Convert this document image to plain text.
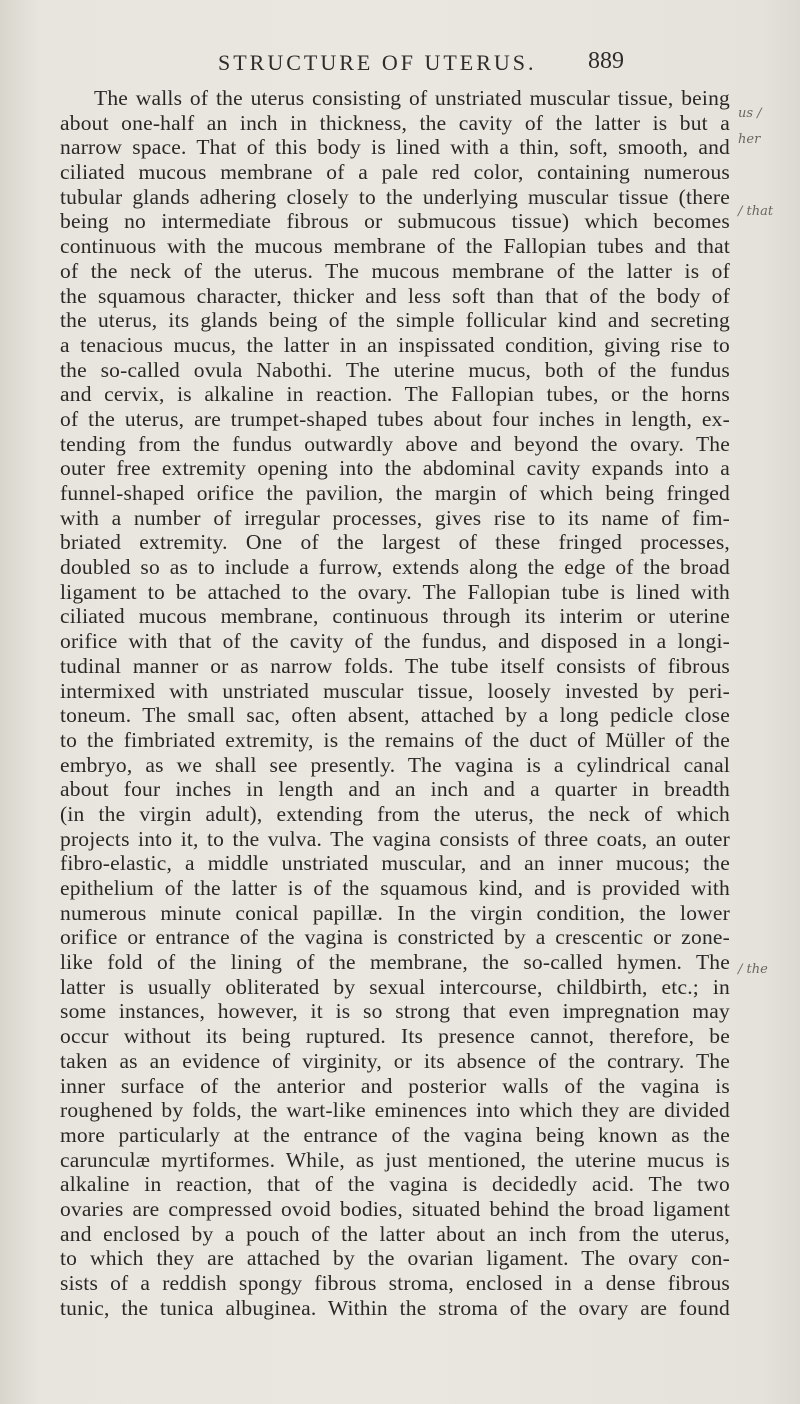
STRUCTURE OF UTERUS. 889
The walls of the uterus consisting of unstriated muscular tissue, being
about one-half an inch in thickness, the cavity of the latter is but a
narrow space. That of this body is lined with a thin, soft, smooth, and
ciliated mucous membrane of a pale red color, containing numerous
tubular glands adhering closely to the underlying muscular tissue (there
being no intermediate fibrous or submucous tissue) which becomes
continuous with the mucous membrane of the Fallopian tubes and that
of the neck of the uterus. The mucous membrane of the latter is of
the squamous character, thicker and less soft than that of the body of
the uterus, its glands being of the simple follicular kind and secreting
a tenacious mucus, the latter in an inspissated condition, giving rise to
the so-called ovula Nabothi. The uterine mucus, both of the fundus
and cervix, is alkaline in reaction. The Fallopian tubes, or the horns
of the uterus, are trumpet-shaped tubes about four inches in length, ex-
tending from the fundus outwardly above and beyond the ovary. The
outer free extremity opening into the abdominal cavity expands into a
funnel-shaped orifice the pavilion, the margin of which being fringed
with a number of irregular processes, gives rise to its name of fim-
briated extremity. One of the largest of these fringed processes,
doubled so as to include a furrow, extends along the edge of the broad
ligament to be attached to the ovary. The Fallopian tube is lined with
ciliated mucous membrane, continuous through its interim or uterine
orifice with that of the cavity of the fundus, and disposed in a longi-
tudinal manner or as narrow folds. The tube itself consists of fibrous
intermixed with unstriated muscular tissue, loosely invested by peri-
toneum. The small sac, often absent, attached by a long pedicle close
to the fimbriated extremity, is the remains of the duct of Müller of the
embryo, as we shall see presently. The vagina is a cylindrical canal
about four inches in length and an inch and a quarter in breadth
(in the virgin adult), extending from the uterus, the neck of which
projects into it, to the vulva. The vagina consists of three coats, an outer
fibro-elastic, a middle unstriated muscular, and an inner mucous; the
epithelium of the latter is of the squamous kind, and is provided with
numerous minute conical papillæ. In the virgin condition, the lower
orifice or entrance of the vagina is constricted by a crescentic or zone-
like fold of the lining of the membrane, the so-called hymen. The
latter is usually obliterated by sexual intercourse, childbirth, etc.; in
some instances, however, it is so strong that even impregnation may
occur without its being ruptured. Its presence cannot, therefore, be
taken as an evidence of virginity, or its absence of the contrary. The
inner surface of the anterior and posterior walls of the vagina is
roughened by folds, the wart-like eminences into which they are divided
more particularly at the entrance of the vagina being known as the
carunculæ myrtiformes. While, as just mentioned, the uterine mucus is
alkaline in reaction, that of the vagina is decidedly acid. The two
ovaries are compressed ovoid bodies, situated behind the broad ligament
and enclosed by a pouch of the latter about an inch from the uterus,
to which they are attached by the ovarian ligament. The ovary con-
sists of a reddish spongy fibrous stroma, enclosed in a dense fibrous
tunic, the tunica albuginea. Within the stroma of the ovary are found
us /
her
/ that
/ the
